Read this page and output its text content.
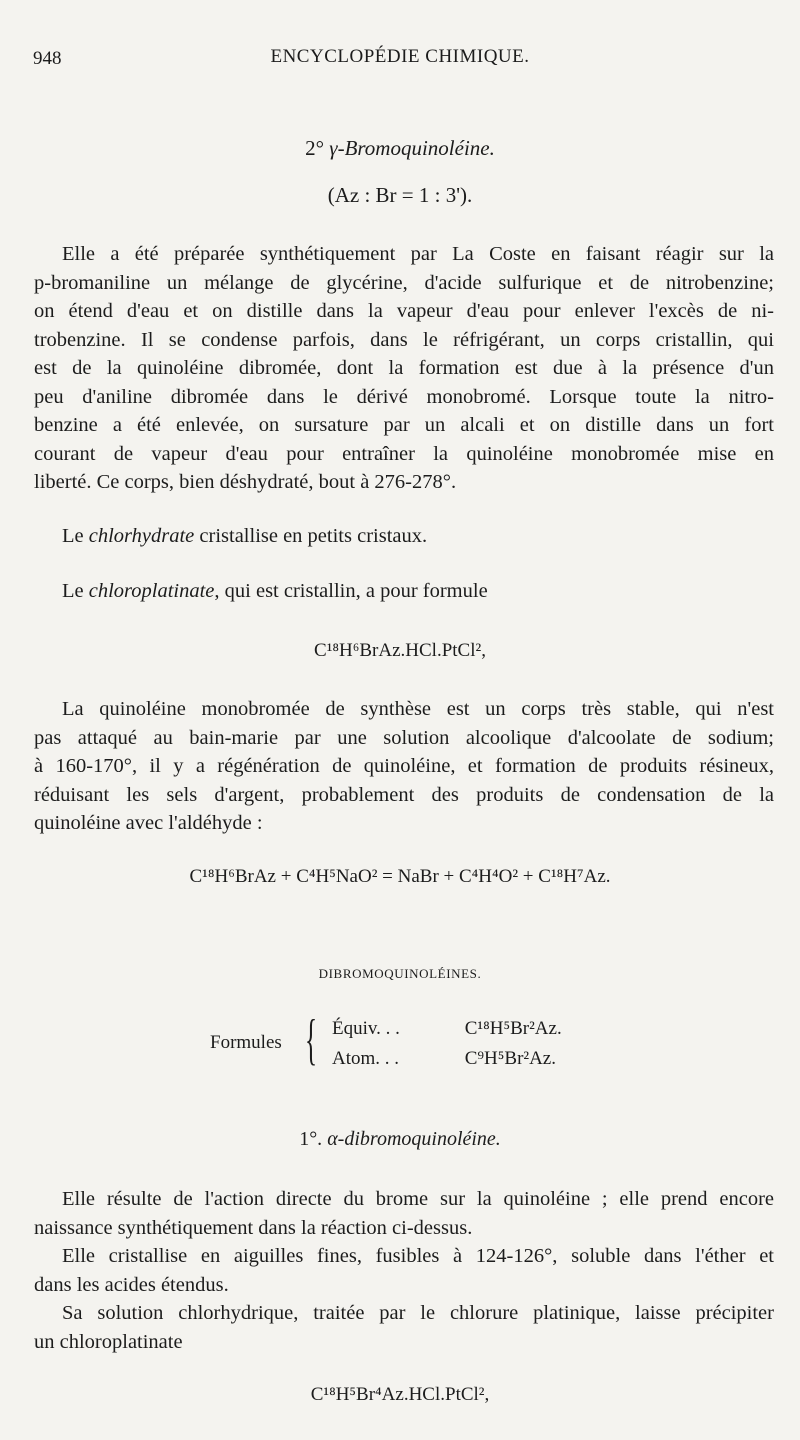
948	ENCYCLOPÉDIE CHIMIQUE.
2° γ-Bromoquinoléine.
(Az : Br = 1 : 3').
Elle a été préparée synthétiquement par La Coste en faisant réagir sur la
p-bromaniline un mélange de glycérine, d'acide sulfurique et de nitrobenzine;
on étend d'eau et on distille dans la vapeur d'eau pour enlever l'excès de ni-
trobenzine. Il se condense parfois, dans le réfrigérant, un corps cristallin, qui
est de la quinoléine dibromée, dont la formation est due à la présence d'un
peu d'aniline dibromée dans le dérivé monobromé. Lorsque toute la nitro-
benzine a été enlevée, on sursature par un alcali et on distille dans un fort
courant de vapeur d'eau pour entraîner la quinoléine monobromée mise en
liberté. Ce corps, bien déshydraté, bout à 276-278°.
Le chlorhydrate cristallise en petits cristaux.
Le chloroplatinate, qui est cristallin, a pour formule
C¹⁸H⁶BrAz.HCl.PtCl²,
La quinoléine monobromée de synthèse est un corps très stable, qui n'est
pas attaqué au bain-marie par une solution alcoolique d'alcoolate de sodium;
à 160-170°, il y a régénération de quinoléine, et formation de produits résineux,
réduisant les sels d'argent, probablement des produits de condensation de la
quinoléine avec l'aldéhyde :
C¹⁸H⁶BrAz + C⁴H⁵NaO² = NaBr + C⁴H⁴O² + C¹⁸H⁷Az.
DIBROMOQUINOLÉINES.
Formules { Équiv. . .	C¹⁸H⁵Br²Az.
Atom. . .	C⁹H⁵Br²Az.
1°. α-dibromoquinoléine.
Elle résulte de l'action directe du brome sur la quinoléine ; elle prend encore
naissance synthétiquement dans la réaction ci-dessus.
Elle cristallise en aiguilles fines, fusibles à 124-126°, soluble dans l'éther et
dans les acides étendus.
Sa solution chlorhydrique, traitée par le chlorure platinique, laisse précipiter
un chloroplatinate
C¹⁸H⁵Br⁴Az.HCl.PtCl²,
